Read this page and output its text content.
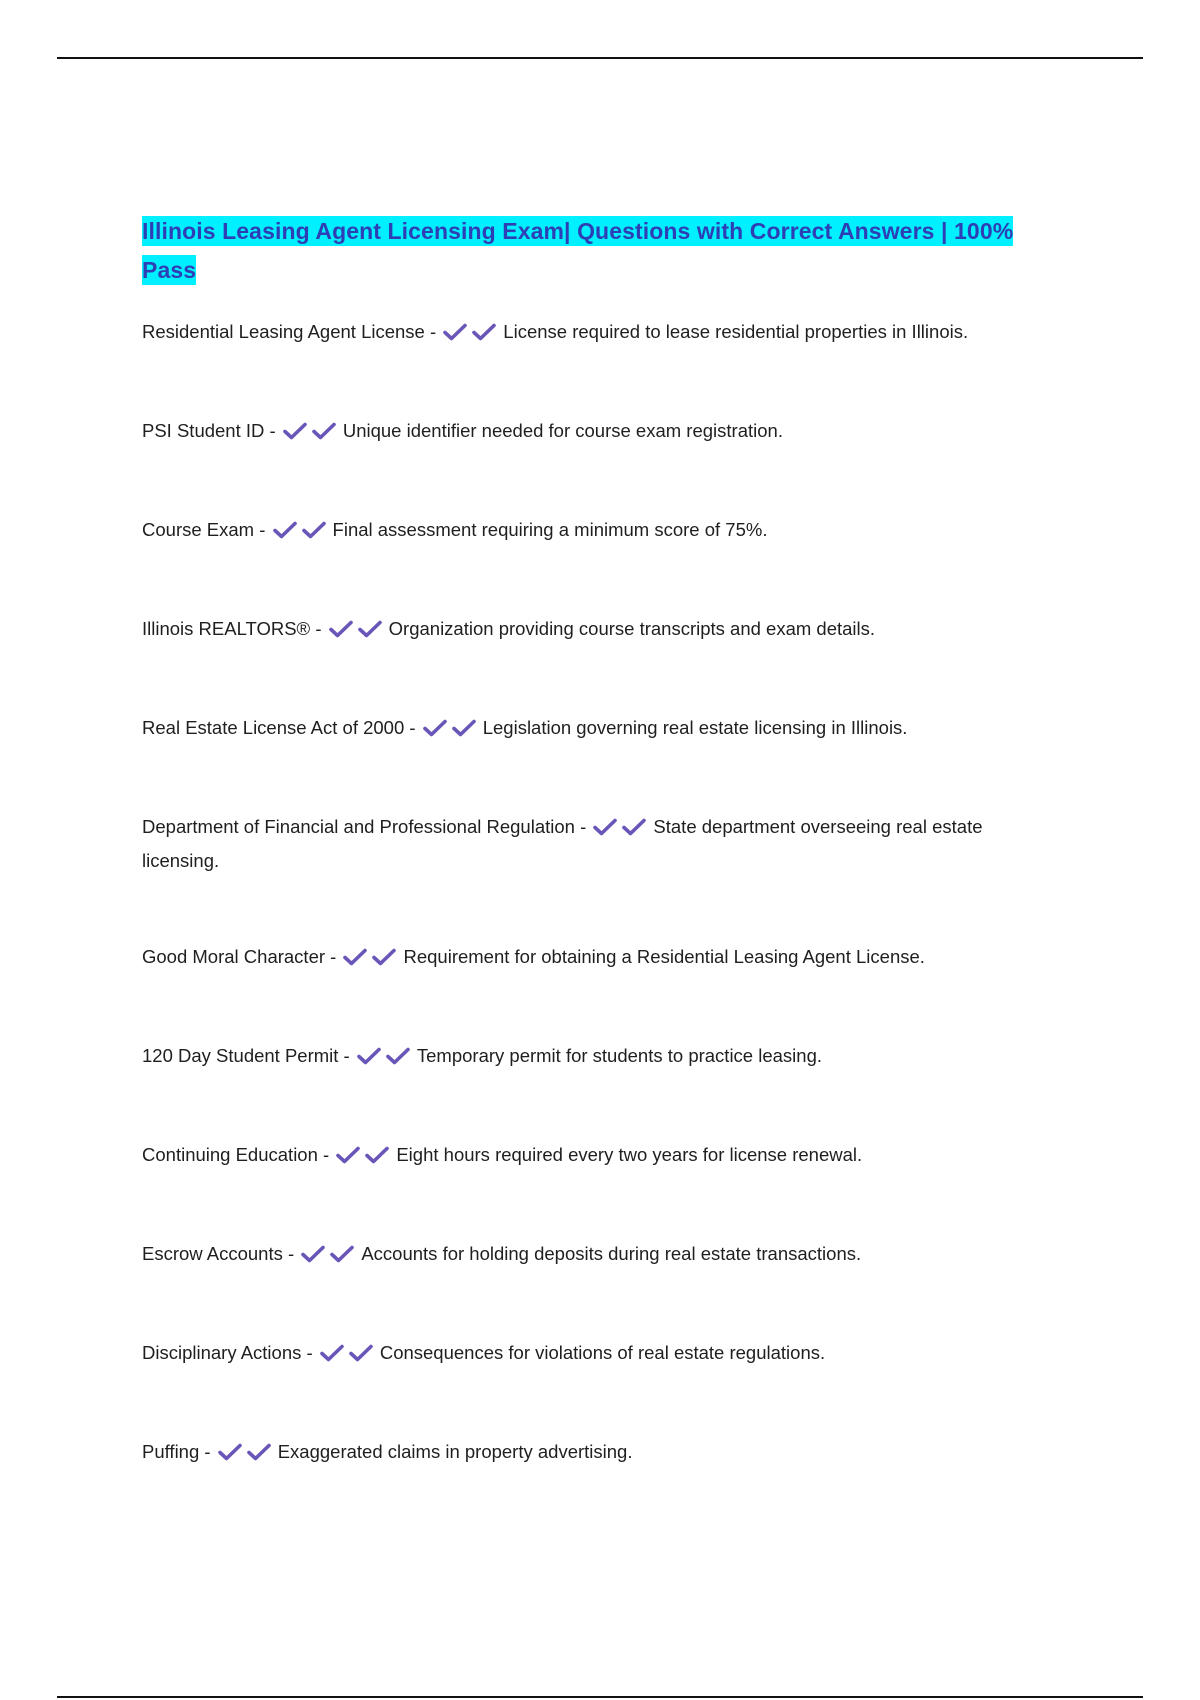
Illinois Leasing Agent Licensing Exam| Questions with Correct Answers | 100% Pass
Residential Leasing Agent License -	License required to lease residential properties in Illinois.
PSI Student ID -	Unique identifier needed for course exam registration.
Course Exam -	Final assessment requiring a minimum score of 75%.
Illinois REALTORS® -	Organization providing course transcripts and exam details.
Real Estate License Act of 2000 -	Legislation governing real estate licensing in Illinois.
Department of Financial and Professional Regulation -	State department overseeing real estate licensing.
Good Moral Character -	Requirement for obtaining a Residential Leasing Agent License.
120 Day Student Permit -	Temporary permit for students to practice leasing.
Continuing Education -	Eight hours required every two years for license renewal.
Escrow Accounts -	Accounts for holding deposits during real estate transactions.
Disciplinary Actions -	Consequences for violations of real estate regulations.
Puffing -	Exaggerated claims in property advertising.
